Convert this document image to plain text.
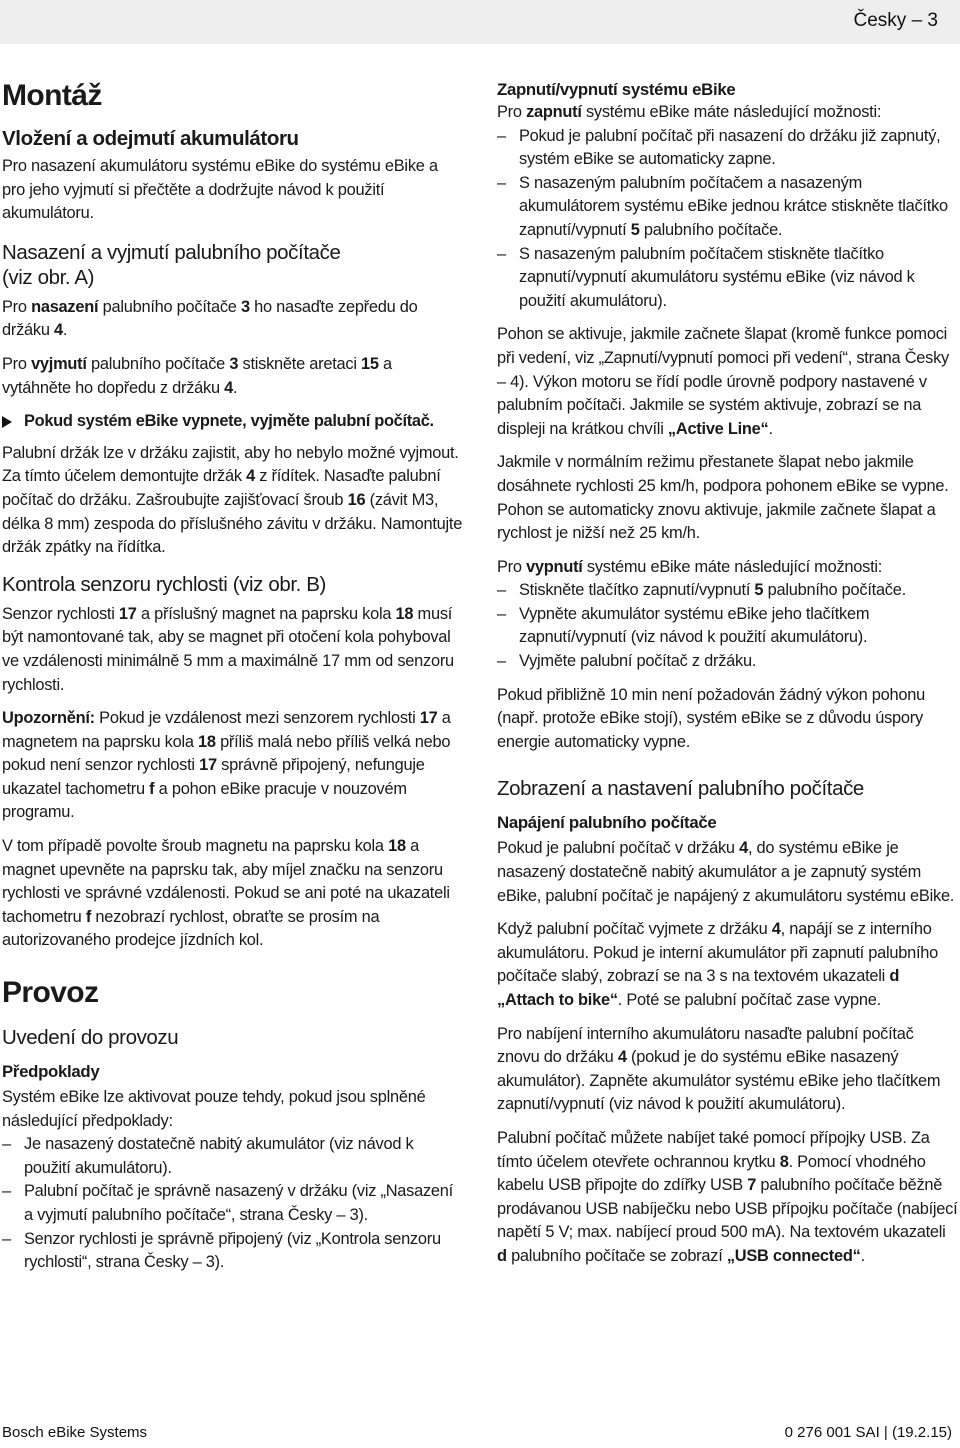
Česky – 3
Montáž
Vložení a odejmutí akumulátoru

Pro nasazení akumulátoru systému eBike do systému eBike a pro jeho vyjmutí si přečtěte a dodržujte návod k použití akumulátoru.

Nasazení a vyjmutí palubního počítače
(viz obr. A)

Pro nasazení palubního počítače 3 ho nasaďte zepředu do držáku 4.

Pro vyjmutí palubního počítače 3 stiskněte aretaci 15 a vytáhněte ho dopředu z držáku 4.

Pokud systém eBike vypnete, vyjměte palubní počítač.

Palubní držák lze v držáku zajistit, aby ho nebylo možné vyjmout. Za tímto účelem demontujte držák 4 z řídítek. Nasaďte palubní počítač do držáku. Zašroubujte zajišťovací šroub 16 (závit M3, délka 8 mm) zespoda do příslušného závitu v držáku. Namontujte držák zpátky na řídítka.

Kontrola senzoru rychlosti (viz obr. B)

Senzor rychlosti 17 a příslušný magnet na paprsku kola 18 musí být namontované tak, aby se magnet při otočení kola pohyboval ve vzdálenosti minimálně 5 mm a maximálně 17 mm od senzoru rychlosti.

Upozornění: Pokud je vzdálenost mezi senzorem rychlosti 17 a magnetem na paprsku kola 18 příliš malá nebo příliš velká nebo pokud není senzor rychlosti 17 správně připojený, nefunguje ukazatel tachometru f a pohon eBike pracuje v nouzovém programu.

V tom případě povolte šroub magnetu na paprsku kola 18 a magnet upevněte na paprsku tak, aby míjel značku na senzoru rychlosti ve správné vzdálenosti. Pokud se ani poté na ukazateli tachometru f nezobrazí rychlost, obraťte se prosím na autorizovaného prodejce jízdních kol.

Provoz
Uvedení do provozu
Předpoklady

Systém eBike lze aktivovat pouze tehdy, pokud jsou splněné následující předpoklady:

– Je nasazený dostatečně nabitý akumulátor (viz návod k použití akumulátoru).
– Palubní počítač je správně nasazený v držáku (viz „Nasazení a vyjmutí palubního počítače“, strana Česky – 3).
– Senzor rychlosti je správně připojený (viz „Kontrola senzoru rychlosti“, strana Česky – 3).
Zapnutí/vypnutí systému eBike

Pro zapnutí systému eBike máte následující možnosti:

– Pokud je palubní počítač při nasazení do držáku již zapnutý, systém eBike se automaticky zapne.
– S nasazeným palubním počítačem a nasazeným akumulátorem systému eBike jednou krátce stiskněte tlačítko zapnutí/vypnutí 5 palubního počítače.
– S nasazeným palubním počítačem stiskněte tlačítko zapnutí/vypnutí akumulátoru systému eBike (viz návod k použití akumulátoru).

Pohon se aktivuje, jakmile začnete šlapat (kromě funkce pomoci při vedení, viz „Zapnutí/vypnutí pomoci při vedení“, strana Česky – 4). Výkon motoru se řídí podle úrovně podpory nastavené v palubním počítači. Jakmile se systém aktivuje, zobrazí se na displeji na krátkou chvíli „Active Line“.

Jakmile v normálním režimu přestanete šlapat nebo jakmile dosáhnete rychlosti 25 km/h, podpora pohonem eBike se vypne. Pohon se automaticky znovu aktivuje, jakmile začnete šlapat a rychlost je nižší než 25 km/h.

Pro vypnutí systému eBike máte následující možnosti:

– Stiskněte tlačítko zapnutí/vypnutí 5 palubního počítače.
– Vypněte akumulátor systému eBike jeho tlačítkem zapnutí/vypnutí (viz návod k použití akumulátoru).
– Vyjměte palubní počítač z držáku.

Pokud přibližně 10 min není požadován žádný výkon pohonu (např. protože eBike stojí), systém eBike se z důvodu úspory energie automaticky vypne.

Zobrazení a nastavení palubního počítače
Napájení palubního počítače

Pokud je palubní počítač v držáku 4, do systému eBike je nasazený dostatečně nabitý akumulátor a je zapnutý systém eBike, palubní počítač je napájený z akumulátoru systému eBike.

Když palubní počítač vyjmete z držáku 4, napájí se z interního akumulátoru. Pokud je interní akumulátor při zapnutí palubního počítače slabý, zobrazí se na 3 s na textovém ukazateli d „Attach to bike“. Poté se palubní počítač zase vypne.

Pro nabíjení interního akumulátoru nasaďte palubní počítač znovu do držáku 4 (pokud je do systému eBike nasazený akumulátor). Zapněte akumulátor systému eBike jeho tlačítkem zapnutí/vypnutí (viz návod k použití akumulátoru).

Palubní počítač můžete nabíjet také pomocí přípojky USB. Za tímto účelem otevřete ochrannou krytku 8. Pomocí vhodného kabelu USB připojte do zdířky USB 7 palubního počítače běžně prodávanou USB nabíječku nebo USB přípojku počítače (nabíjecí napětí 5 V; max. nabíjecí proud 500 mA). Na textovém ukazateli d palubního počítače se zobrazí „USB connected“.

Bosch eBike Systems	0 276 001 SAI | (19.2.15)
